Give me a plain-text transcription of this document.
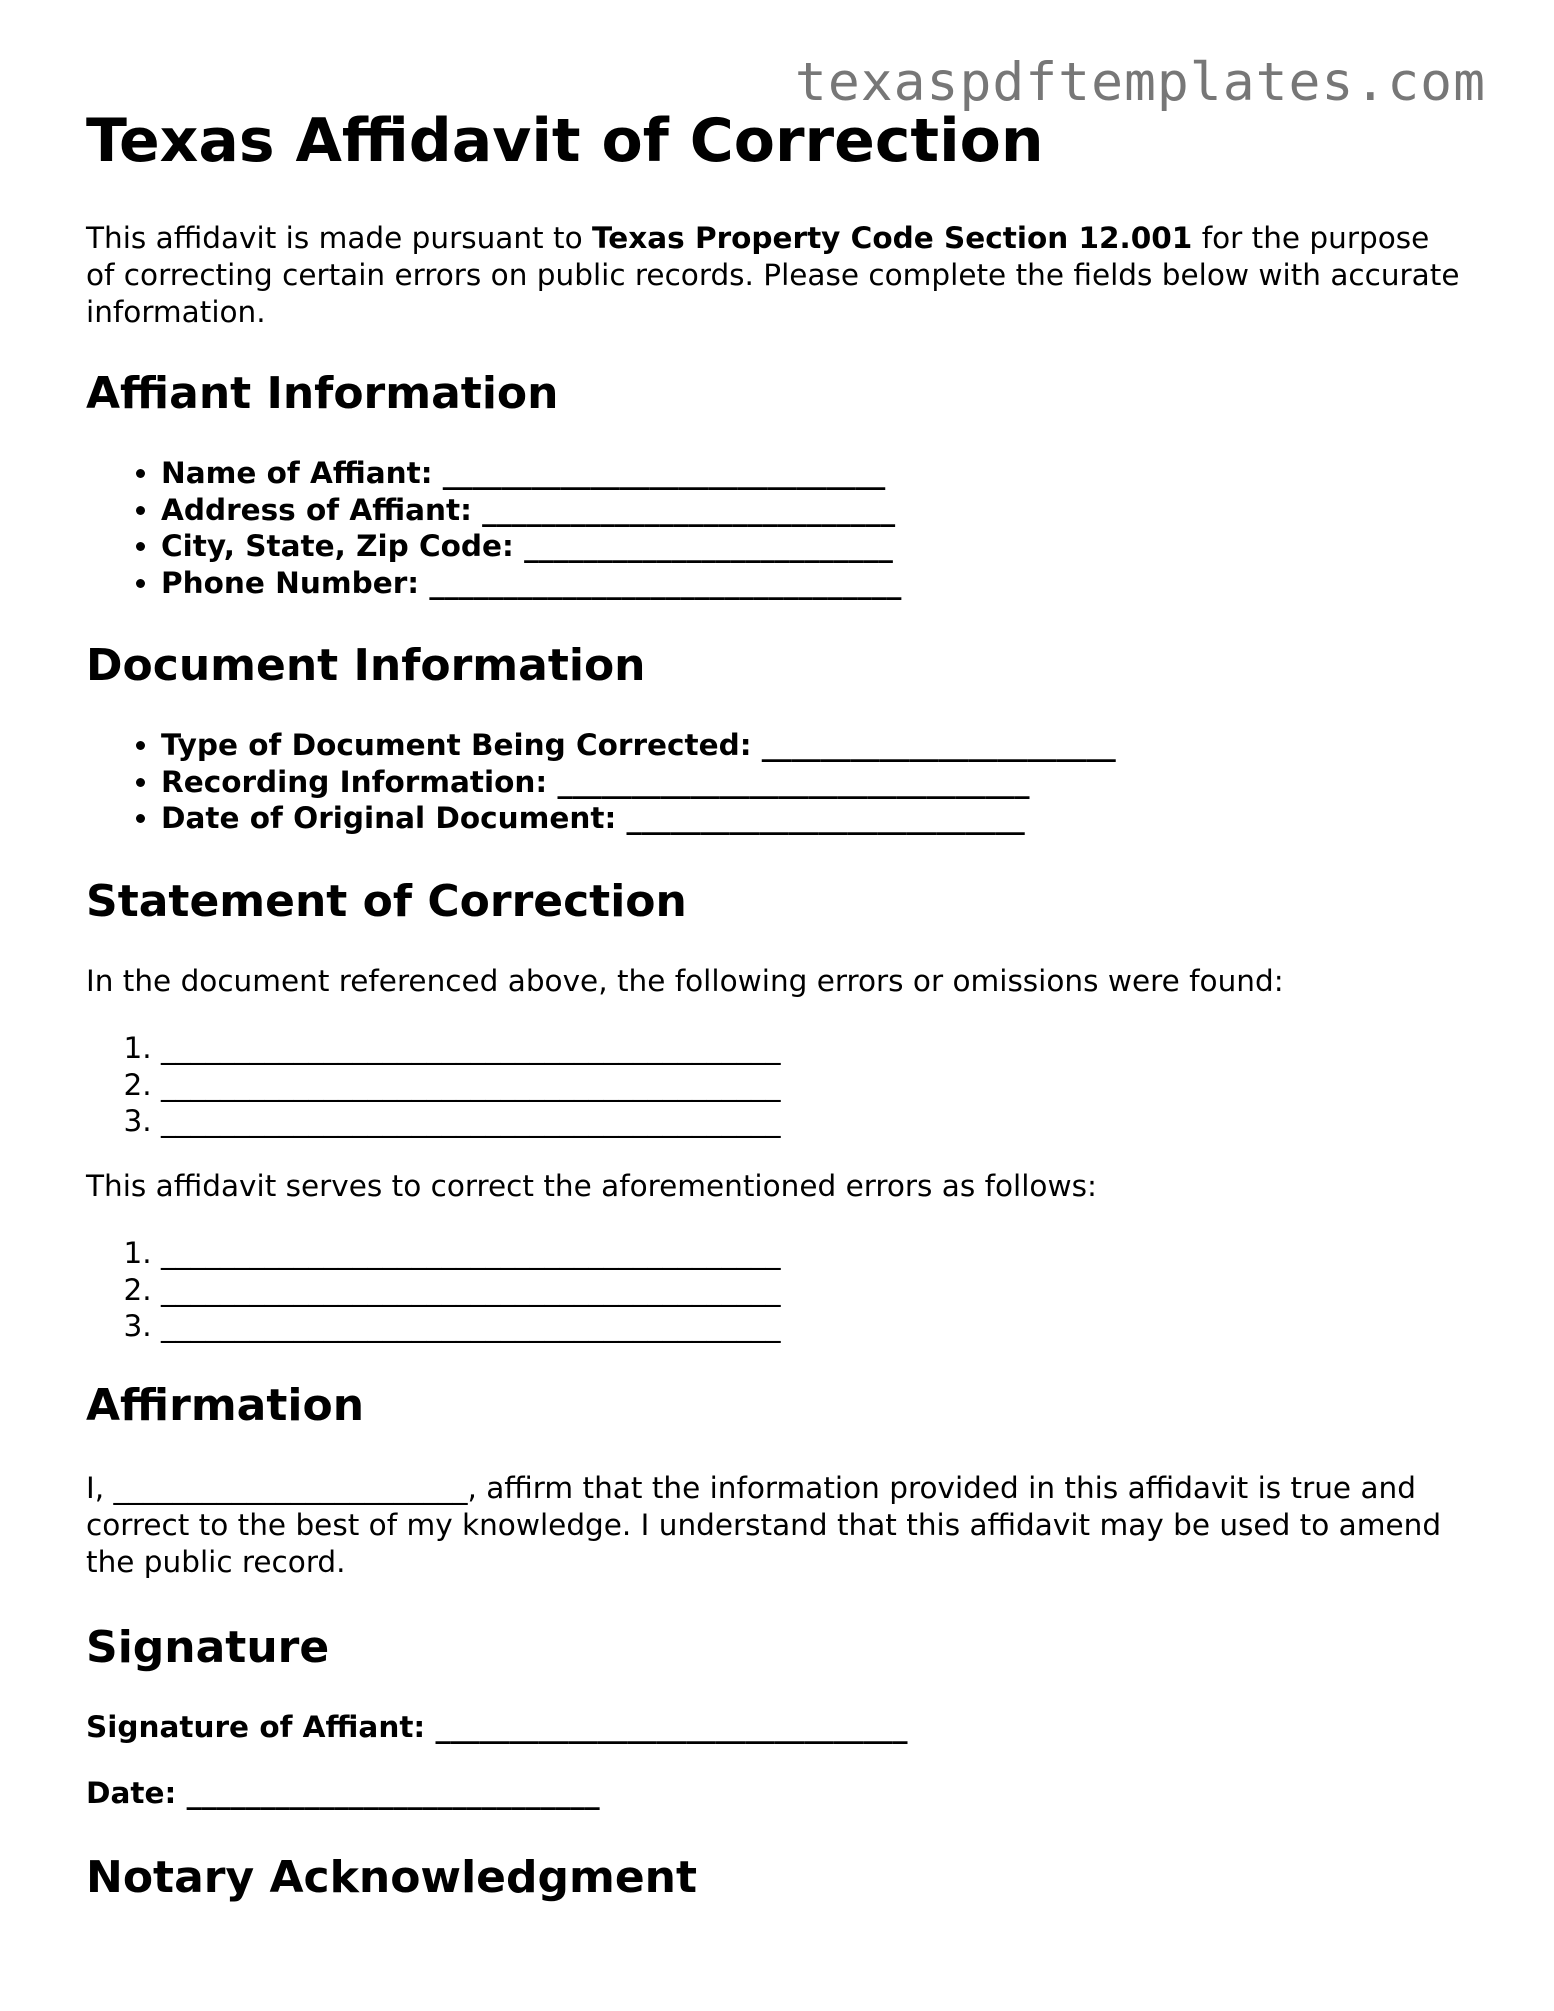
texaspdftemplates.com
Texas Affidavit of Correction

This affidavit is made pursuant to Texas Property Code Section 12.001 for the purpose of correcting certain errors on public records. Please complete the fields below with accurate information.

Affiant Information
• Name of Affiant: ______________________________
• Address of Affiant: ____________________________
• City, State, Zip Code: _________________________
• Phone Number: ________________________________
Document Information
• Type of Document Being Corrected: ________________________
• Recording Information: ________________________________
• Date of Original Document: ___________________________
Statement of Correction

In the document referenced above, the following errors or omissions were found:

1. __________________________________________
2. __________________________________________
3. __________________________________________

This affidavit serves to correct the aforementioned errors as follows:

1. __________________________________________
2. __________________________________________
3. __________________________________________
Affirmation

I, ________________________, affirm that the information provided in this affidavit is true and correct to the best of my knowledge. I understand that this affidavit may be used to amend the public record.

Signature

Signature of Affiant: ________________________________

Date: ____________________________

Notary Acknowledgment
